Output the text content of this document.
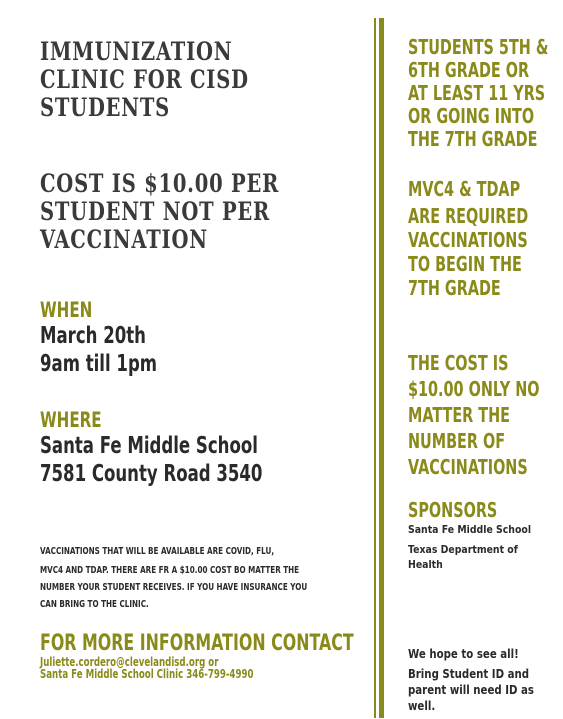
IMMUNIZATION
CLINIC FOR CISD
STUDENTS
COST IS $10.00 PER
STUDENT NOT PER
VACCINATION
WHEN
March 20th
9am till 1pm
WHERE
Santa Fe Middle School
7581 County Road 3540
VACCINATIONS THAT WILL BE AVAILABLE ARE COVID, FLU,
MVC4 AND TDAP. THERE ARE FR A $10.00 COST BO MATTER THE
NUMBER YOUR STUDENT RECEIVES. IF YOU HAVE INSURANCE YOU
CAN BRING TO THE CLINIC.
FOR MORE INFORMATION CONTACT
Juliette.cordero@clevelandisd.org or
Santa Fe Middle School Clinic 346-799-4990
STUDENTS 5TH &
6TH GRADE OR
AT LEAST 11 YRS
OR GOING INTO
THE 7TH GRADE
MVC4 & TDAP
ARE REQUIRED
VACCINATIONS
TO BEGIN THE
7TH GRADE
THE COST IS
$10.00 ONLY NO
MATTER THE
NUMBER OF
VACCINATIONS
SPONSORS
Santa Fe Middle School
Texas Department of
Health
We hope to see all!
Bring Student ID and
parent will need ID as
well.
